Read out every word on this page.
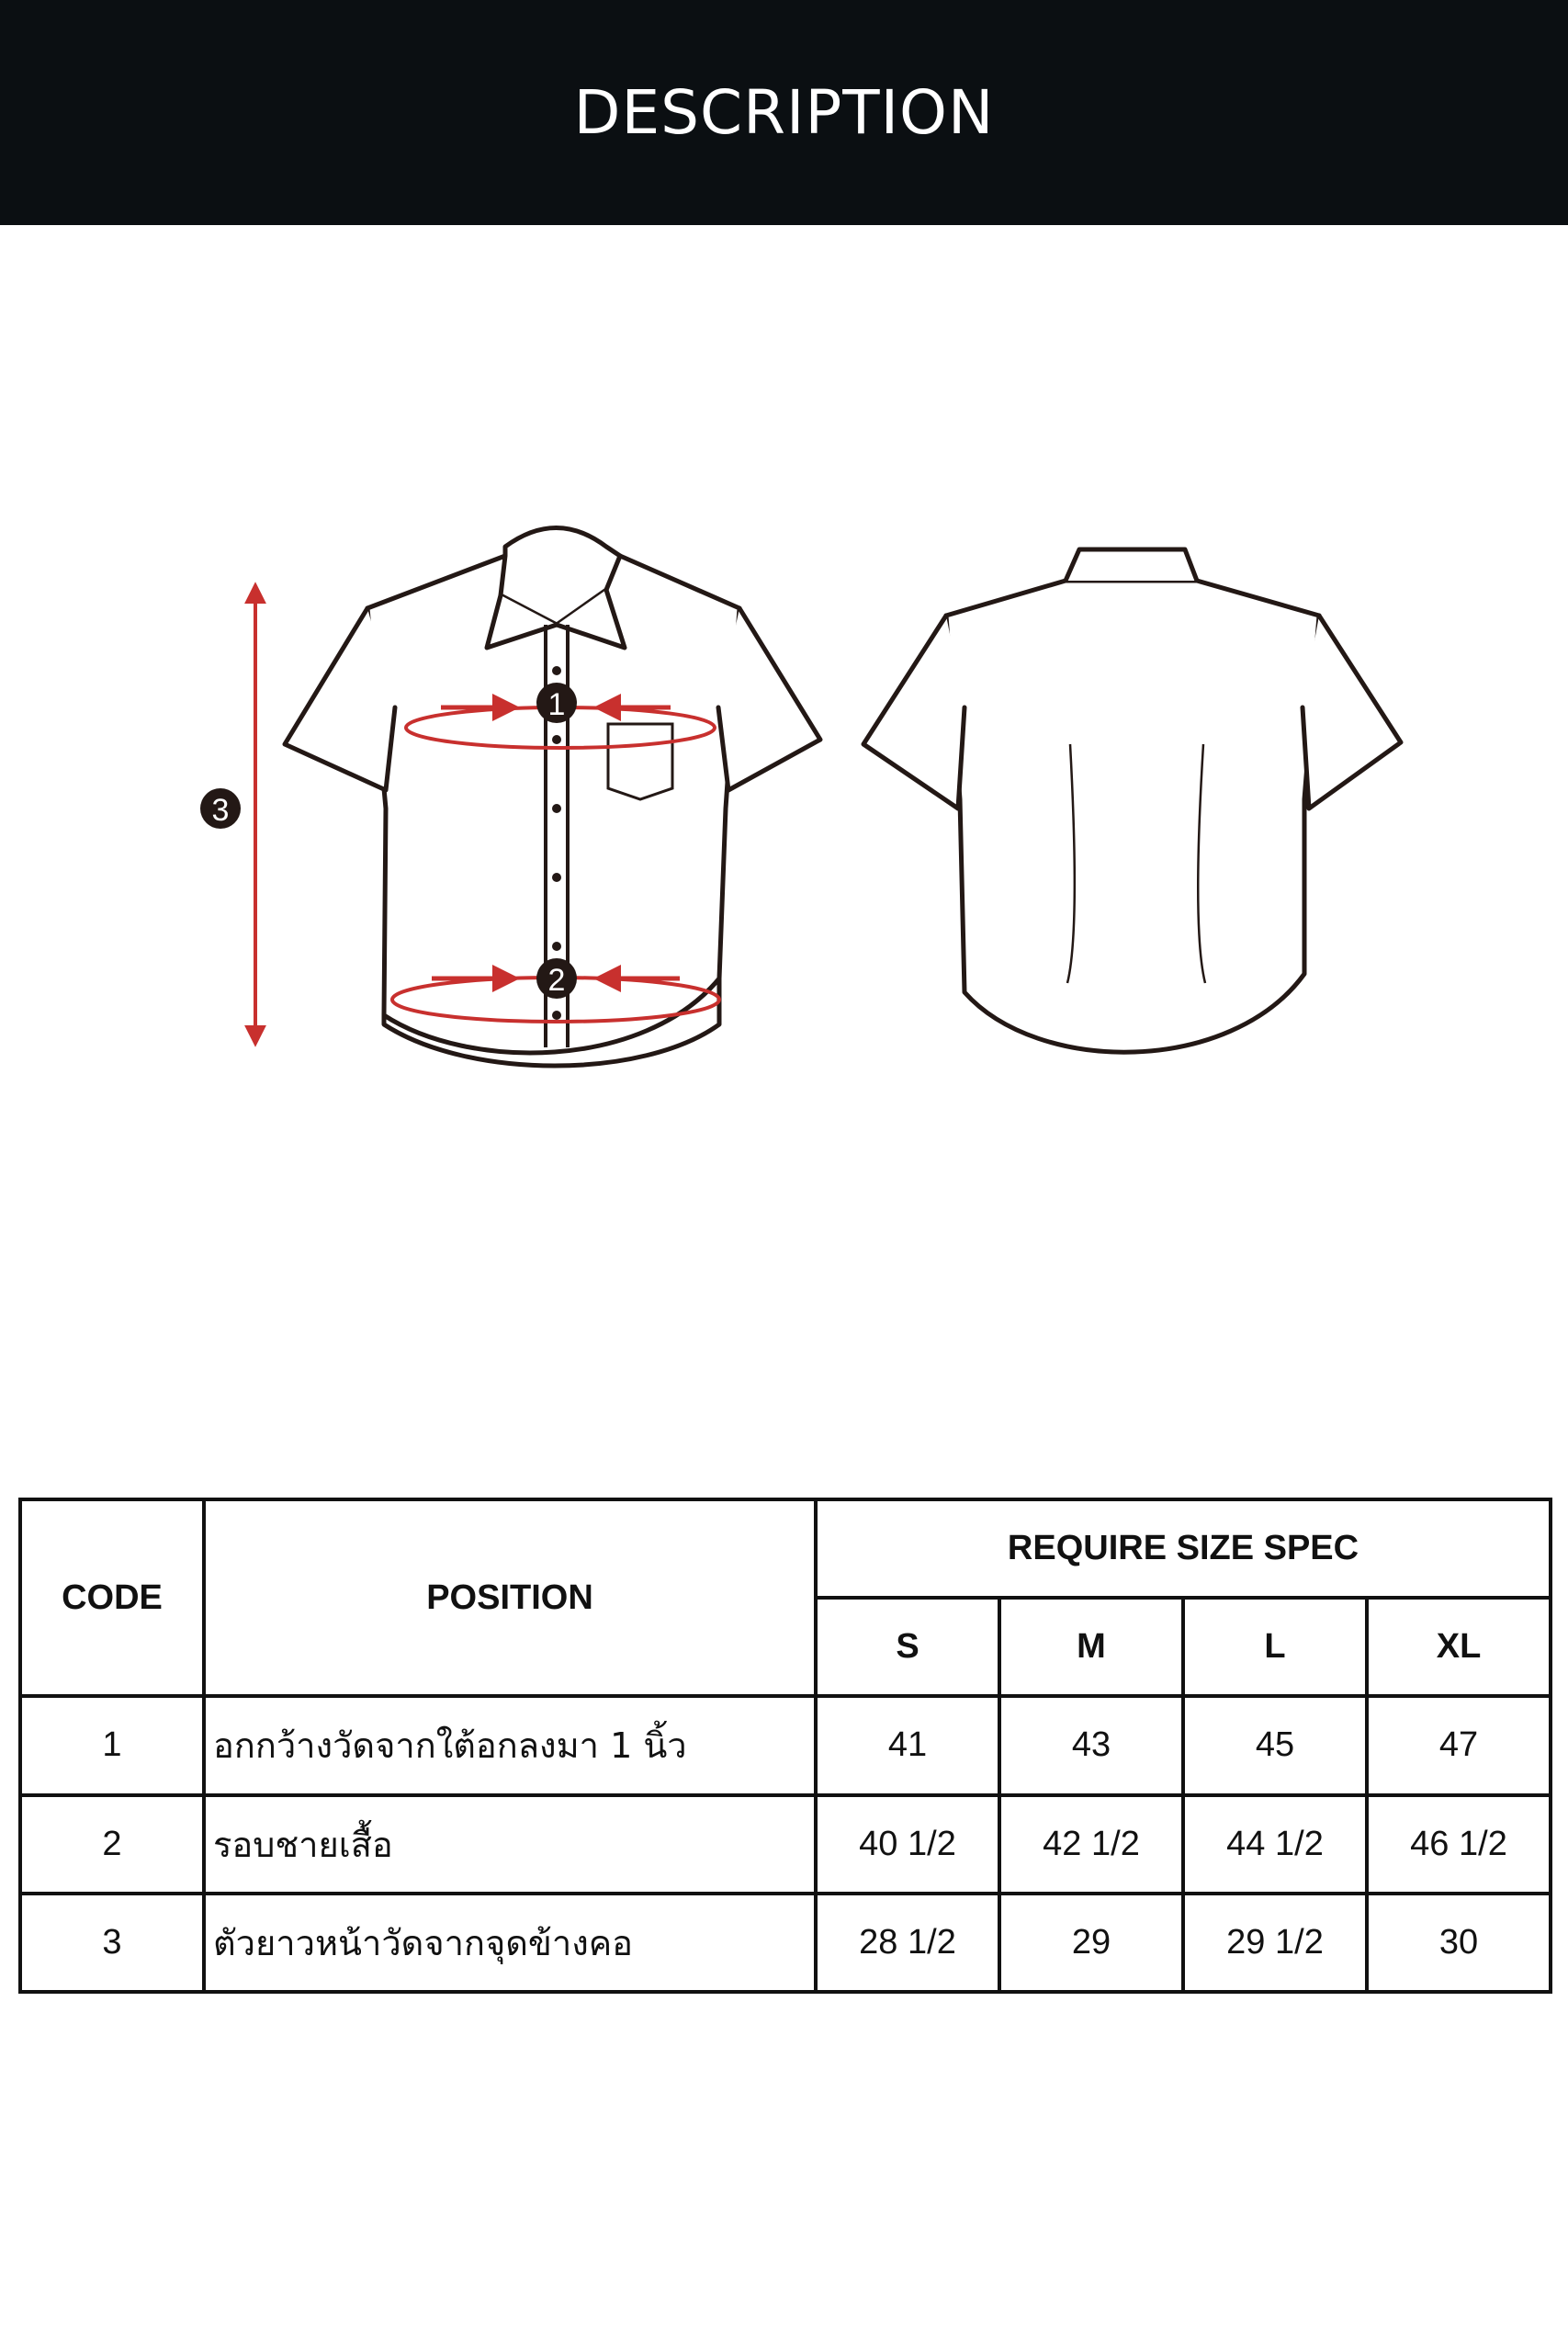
DESCRIPTION
1
2
3
CODE	POSITION	REQUIRE SIZE SPEC			
		S	M	L	XL
1	อกกว้างวัดจากใต้อกลงมา 1 นิ้ว	41	43	45	47
2	รอบชายเสื้อ	40 1/2	42 1/2	44 1/2	46 1/2
3	ตัวยาวหน้าวัดจากจุดข้างคอ	28 1/2	29	29 1/2	30
